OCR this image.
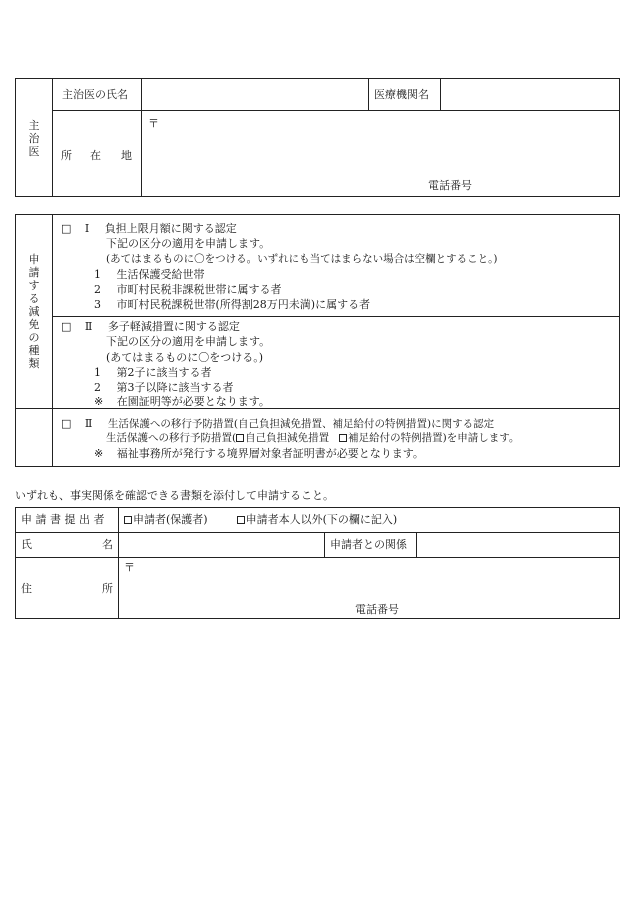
主治医
主治医の氏名	医療機関名
所 在 地
〒
電話番号
申請する減免の種類
□ Ⅰ 負担上限月額に関する認定
下記の区分の適用を申請します。
(あてはまるものに〇をつける。いずれにも当てはまらない場合は空欄とすること。)
1 生活保護受給世帯
2 市町村民税非課税世帯に属する者
3 市町村民税課税世帯(所得割28万円未満)に属する者
□ Ⅱ 多子軽減措置に関する認定
下記の区分の適用を申請します。
(あてはまるものに〇をつける。)
1 第2子に該当する者
2 第3子以降に該当する者
※ 在園証明等が必要となります。
□ Ⅱ 生活保護への移行予防措置(自己負担減免措置、補足給付の特例措置)に関する認定
生活保護への移行予防措置( 自己負担減免措置 補足給付の特例措置)を申請します。
※ 福祉事務所が発行する境界層対象者証明書が必要となります。
いずれも、事実関係を確認できる書類を添付して申請すること。
申 請 書 提 出 者	申請者(保護者)	申請者本人以外(下の欄に記入)
氏	名	申請者との関係
住	所
〒
電話番号
